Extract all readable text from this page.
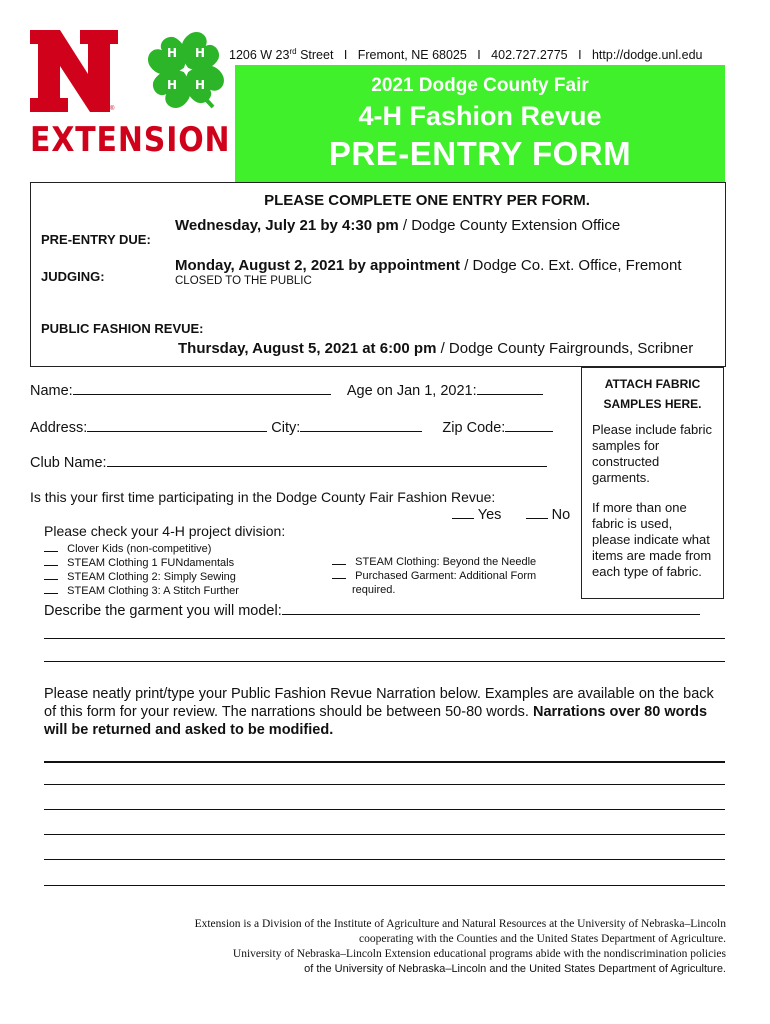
®
H H
H H
EXTENSION
1206 W 23rd Street I Fremont, NE 68025 I 402.727.2775 I http://dodge.unl.edu
2021 Dodge County Fair
4-H Fashion Revue
PRE-ENTRY FORM
PLEASE COMPLETE ONE ENTRY PER FORM.
PRE-ENTRY DUE:
Wednesday, July 21 by 4:30 pm / Dodge County Extension Office
JUDGING:
Monday, August 2, 2021 by appointment / Dodge Co. Ext. Office, Fremont
CLOSED TO THE PUBLIC
PUBLIC FASHION REVUE:
Thursday, August 5, 2021 at 6:00 pm / Dodge County Fairgrounds, Scribner
Name:	Age on Jan 1, 2021:
Address:	City:	Zip Code:
Club Name:
Is this your first time participating in the Dodge County Fair Fashion Revue:
Yes	No
Please check your 4-H project division:
Clover Kids (non-competitive)
STEAM Clothing 1 FUNdamentals
STEAM Clothing 2: Simply Sewing
STEAM Clothing 3: A Stitch Further
STEAM Clothing: Beyond the Needle
Purchased Garment: Additional Form
required.
ATTACH FABRIC
SAMPLES HERE.

Please include fabric samples for constructed garments.

If more than one fabric is used, please indicate what items are made from each type of fabric.

Describe the garment you will model:
Please neatly print/type your Public Fashion Revue Narration below. Examples are available on the back of this form for your review. The narrations should be between 50-80 words. Narrations over 80 words will be returned and asked to be modified.
Extension is a Division of the Institute of Agriculture and Natural Resources at the University of Nebraska–Lincoln
cooperating with the Counties and the United States Department of Agriculture.
University of Nebraska–Lincoln Extension educational programs abide with the nondiscrimination policies
of the University of Nebraska–Lincoln and the United States Department of Agriculture.
